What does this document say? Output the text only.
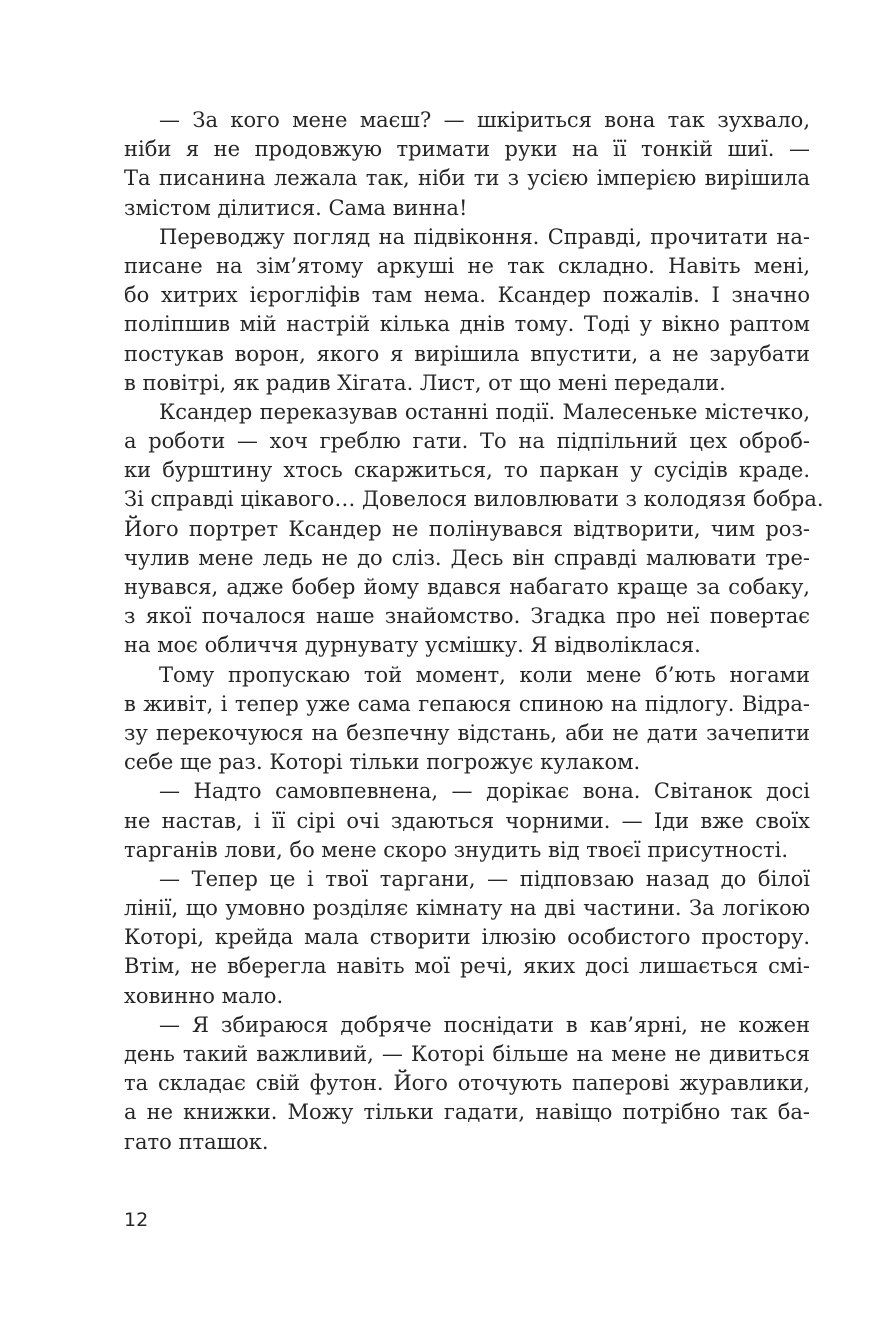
— За кого мене маєш? — шкіриться вона так зухвало,
ніби я не продовжую тримати руки на її тонкій шиї. —
Та писанина лежала так, ніби ти з усією імперією вирішила
змістом ділитися. Сама винна!
Переводжу погляд на підвіконня. Справді, прочитати на-
писане на зім’ятому аркуші не так складно. Навіть мені,
бо хитрих ієрогліфів там нема. Ксандер пожалів. І значно
поліпшив мій настрій кілька днів тому. Тоді у вікно раптом
постукав ворон, якого я вирішила впустити, а не зарубати
в повітрі, як радив Хігата. Лист, от що мені передали.
Ксандер переказував останні події. Малесеньке містечко,
а роботи — хоч греблю гати. То на підпільний цех оброб-
ки бурштину хтось скаржиться, то паркан у сусідів краде.
Зі справді цікавого… Довелося виловлювати з колодязя бобра.
Його портрет Ксандер не полінувався відтворити, чим роз-
чулив мене ледь не до сліз. Десь він справді малювати тре-
нувався, адже бобер йому вдався набагато краще за собаку,
з якої почалося наше знайомство. Згадка про неї повертає
на моє обличчя дурнувату усмішку. Я відволіклася.
Тому пропускаю той момент, коли мене б’ють ногами
в живіт, і тепер уже сама гепаюся спиною на підлогу. Відра-
зу перекочуюся на безпечну відстань, аби не дати зачепити
себе ще раз. Которі тільки погрожує кулаком.
— Надто самовпевнена, — дорікає вона. Світанок досі
не настав, і її сірі очі здаються чорними. — Іди вже своїх
тарганів лови, бо мене скоро знудить від твоєї присутності.
— Тепер це і твої таргани, — підповзаю назад до білої
лінії, що умовно розділяє кімнату на дві частини. За логікою
Которі, крейда мала створити ілюзію особистого простору.
Втім, не вберегла навіть мої речі, яких досі лишається смі-
ховинно мало.
— Я збираюся добряче поснідати в кав’ярні, не кожен
день такий важливий, — Которі більше на мене не дивиться
та складає свій футон. Його оточують паперові журавлики,
а не книжки. Можу тільки гадати, навіщо потрібно так ба-
гато пташок.
12
